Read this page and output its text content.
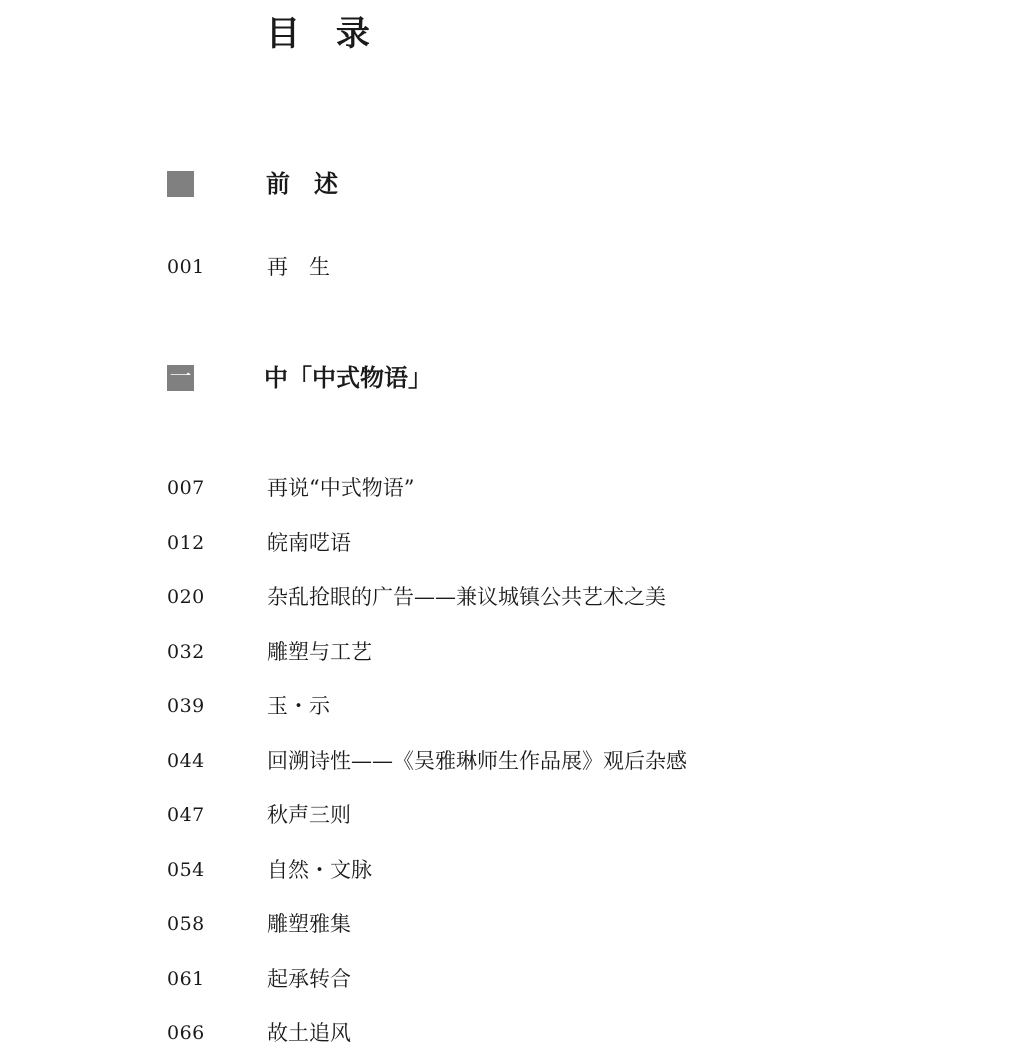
目 录
前　述
001	再　生
一	中「中式物语」
007	再说“中式物语”
012	皖南呓语
020	杂乱抢眼的广告——兼议城镇公共艺术之美
032	雕塑与工艺
039	玉・示
044	回溯诗性——《吴雅琳师生作品展》观后杂感
047	秋声三则
054	自然・文脉
058	雕塑雅集
061	起承转合
066	故土追风
